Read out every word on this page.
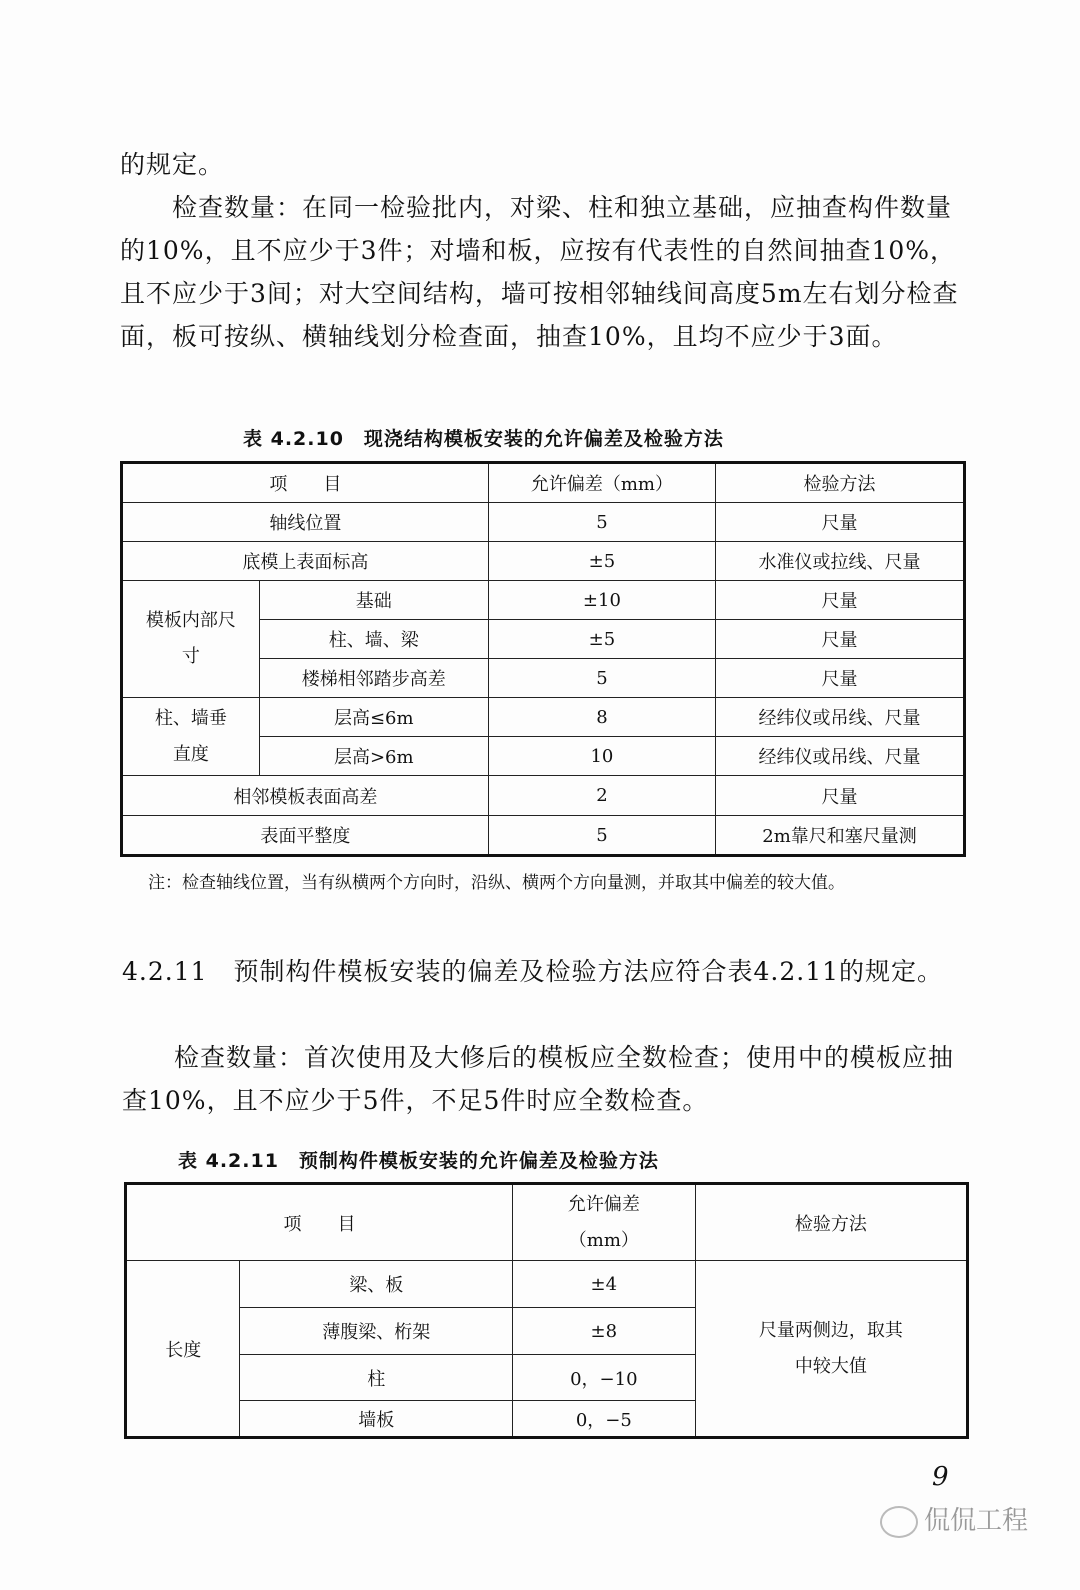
的规定。
　　检查数量：在同一检验批内，对梁、柱和独立基础，应抽查构件数量的10%，且不应少于3件；对墙和板，应按有代表性的自然间抽查10%，且不应少于3间；对大空间结构，墙可按相邻轴线间高度5m左右划分检查面，板可按纵、横轴线划分检查面，抽查10%，且均不应少于3面。
表 4.2.10　现浇结构模板安装的允许偏差及检验方法
项　　目		允许偏差（mm）	检验方法
轴线位置		5	尺量
底模上表面标高		±5	水准仪或拉线、尺量
模板内部尺寸	基础	±10	尺量
	柱、墙、梁	±5	尺量
	楼梯相邻踏步高差	5	尺量
柱、墙垂直度	层高≤6m	8	经纬仪或吊线、尺量
	层高>6m	10	经纬仪或吊线、尺量
相邻模板表面高差		2	尺量
表面平整度		5	2m靠尺和塞尺量测
注：检查轴线位置，当有纵横两个方向时，沿纵、横两个方向量测，并取其中偏差的较大值。
4.2.11　预制构件模板安装的偏差及检验方法应符合表4.2.11的规定。
　　检查数量：首次使用及大修后的模板应全数检查；使用中的模板应抽查10%，且不应少于5件，不足5件时应全数检查。
表 4.2.11　预制构件模板安装的允许偏差及检验方法
项　　目		允许偏差（mm）	检验方法
长度	梁、板	±4	尺量两侧边，取其中较大值
	薄腹梁、桁架	±8	
	柱	0，−10	
	墙板	0，−5	
9
侃侃工程
